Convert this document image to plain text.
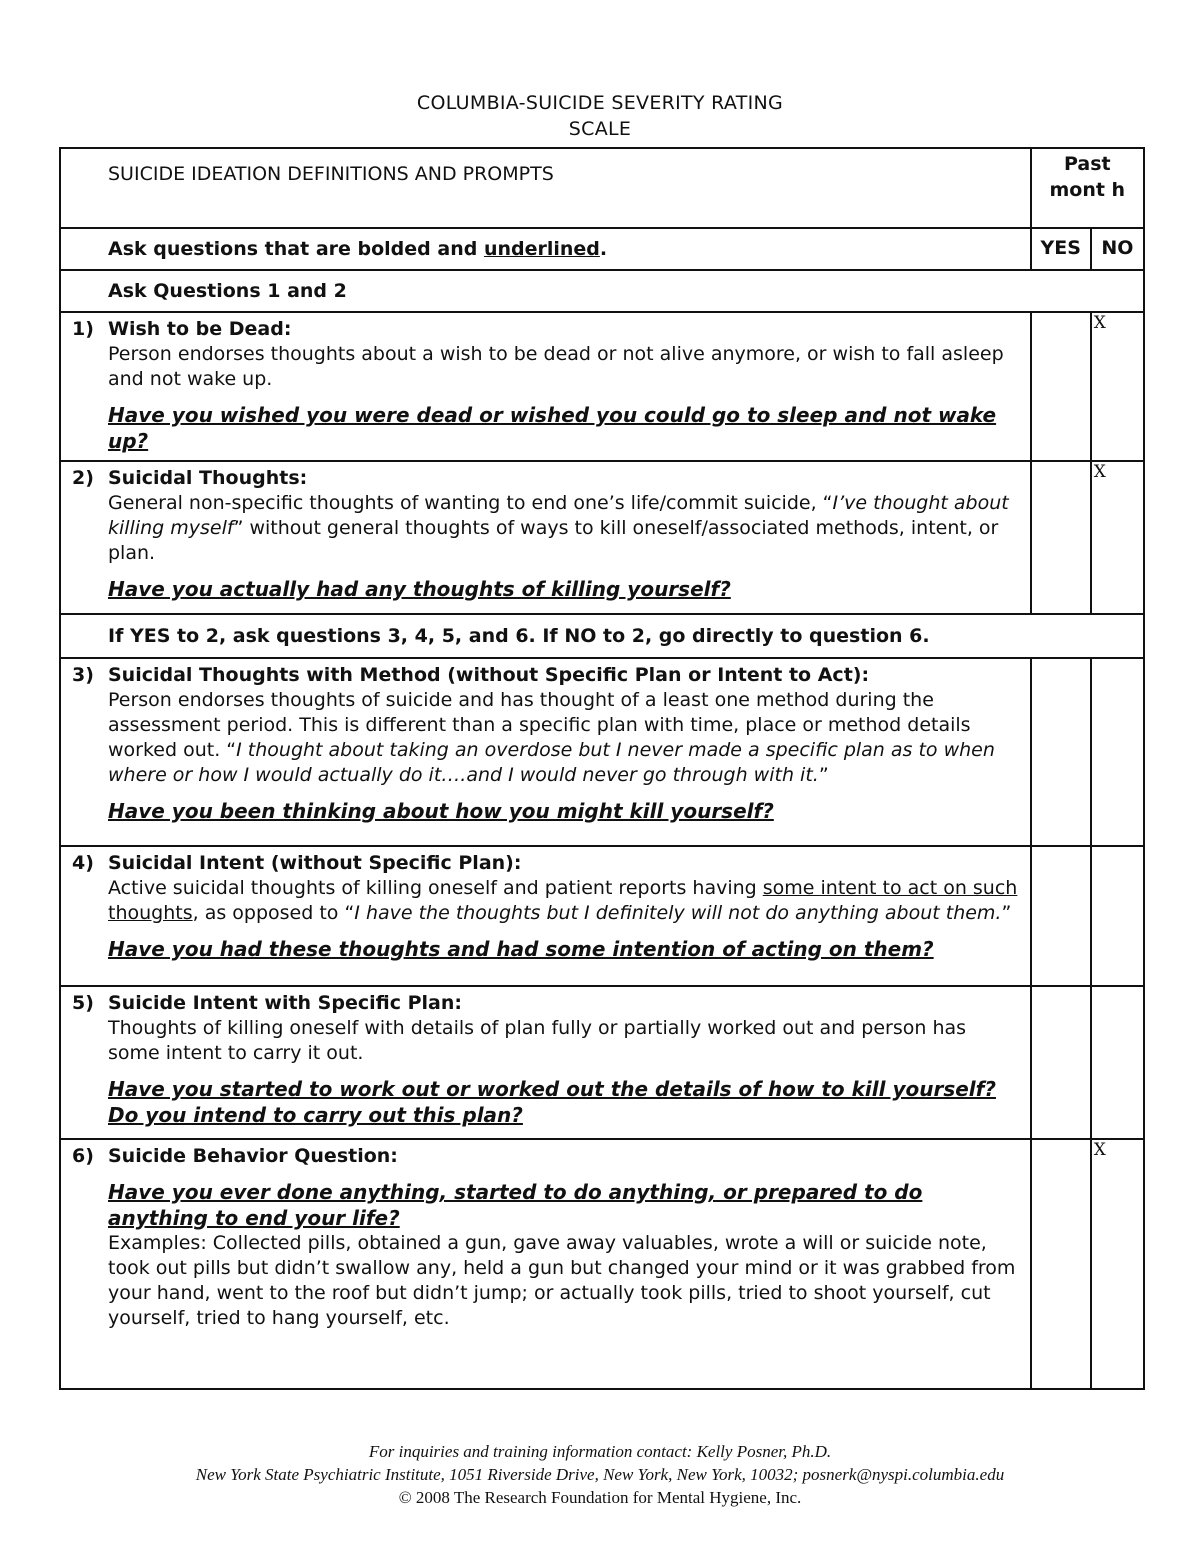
COLUMBIA-SUICIDE SEVERITY RATING
SCALE
SUICIDE IDEATION DEFINITIONS AND PROMPTS	Past mont h	

Ask questions that are bolded and underlined.	YES	NO

Ask Questions 1 and 2		

1) Wish to be Dead:
Person endorses thoughts about a wish to be dead or not alive anymore, or wish to fall asleep and not wake up.
Have you wished you were dead or wished you could go to sleep and not wake up?		X

2) Suicidal Thoughts:
General non-specific thoughts of wanting to end one’s life/commit suicide, “I’ve thought about killing myself” without general thoughts of ways to kill oneself/associated methods, intent, or plan.
Have you actually had any thoughts of killing yourself?		X

If YES to 2, ask questions 3, 4, 5, and 6. If NO to 2, go directly to question 6.		

3) Suicidal Thoughts with Method (without Specific Plan or Intent to Act):
Person endorses thoughts of suicide and has thought of a least one method during the assessment period. This is different than a specific plan with time, place or method details worked out. “I thought about taking an overdose but I never made a specific plan as to when where or how I would actually do it….and I would never go through with it.”
Have you been thinking about how you might kill yourself?		

4) Suicidal Intent (without Specific Plan):
Active suicidal thoughts of killing oneself and patient reports having some intent to act on such thoughts, as opposed to “I have the thoughts but I definitely will not do anything about them.”
Have you had these thoughts and had some intention of acting on them?		

5) Suicide Intent with Specific Plan:
Thoughts of killing oneself with details of plan fully or partially worked out and person has some intent to carry it out.
Have you started to work out or worked out the details of how to kill yourself? Do you intend to carry out this plan?		

6) Suicide Behavior Question:
Have you ever done anything, started to do anything, or prepared to do anything to end your life?
Examples: Collected pills, obtained a gun, gave away valuables, wrote a will or suicide note,
took out pills but didn’t swallow any, held a gun but changed your mind or it was grabbed from your hand, went to the roof but didn’t jump; or actually took pills, tried to shoot yourself, cut yourself, tried to hang yourself, etc.		X
For inquiries and training information contact: Kelly Posner, Ph.D.
New York State Psychiatric Institute, 1051 Riverside Drive, New York, New York, 10032; posnerk@nyspi.columbia.edu
© 2008 The Research Foundation for Mental Hygiene, Inc.
